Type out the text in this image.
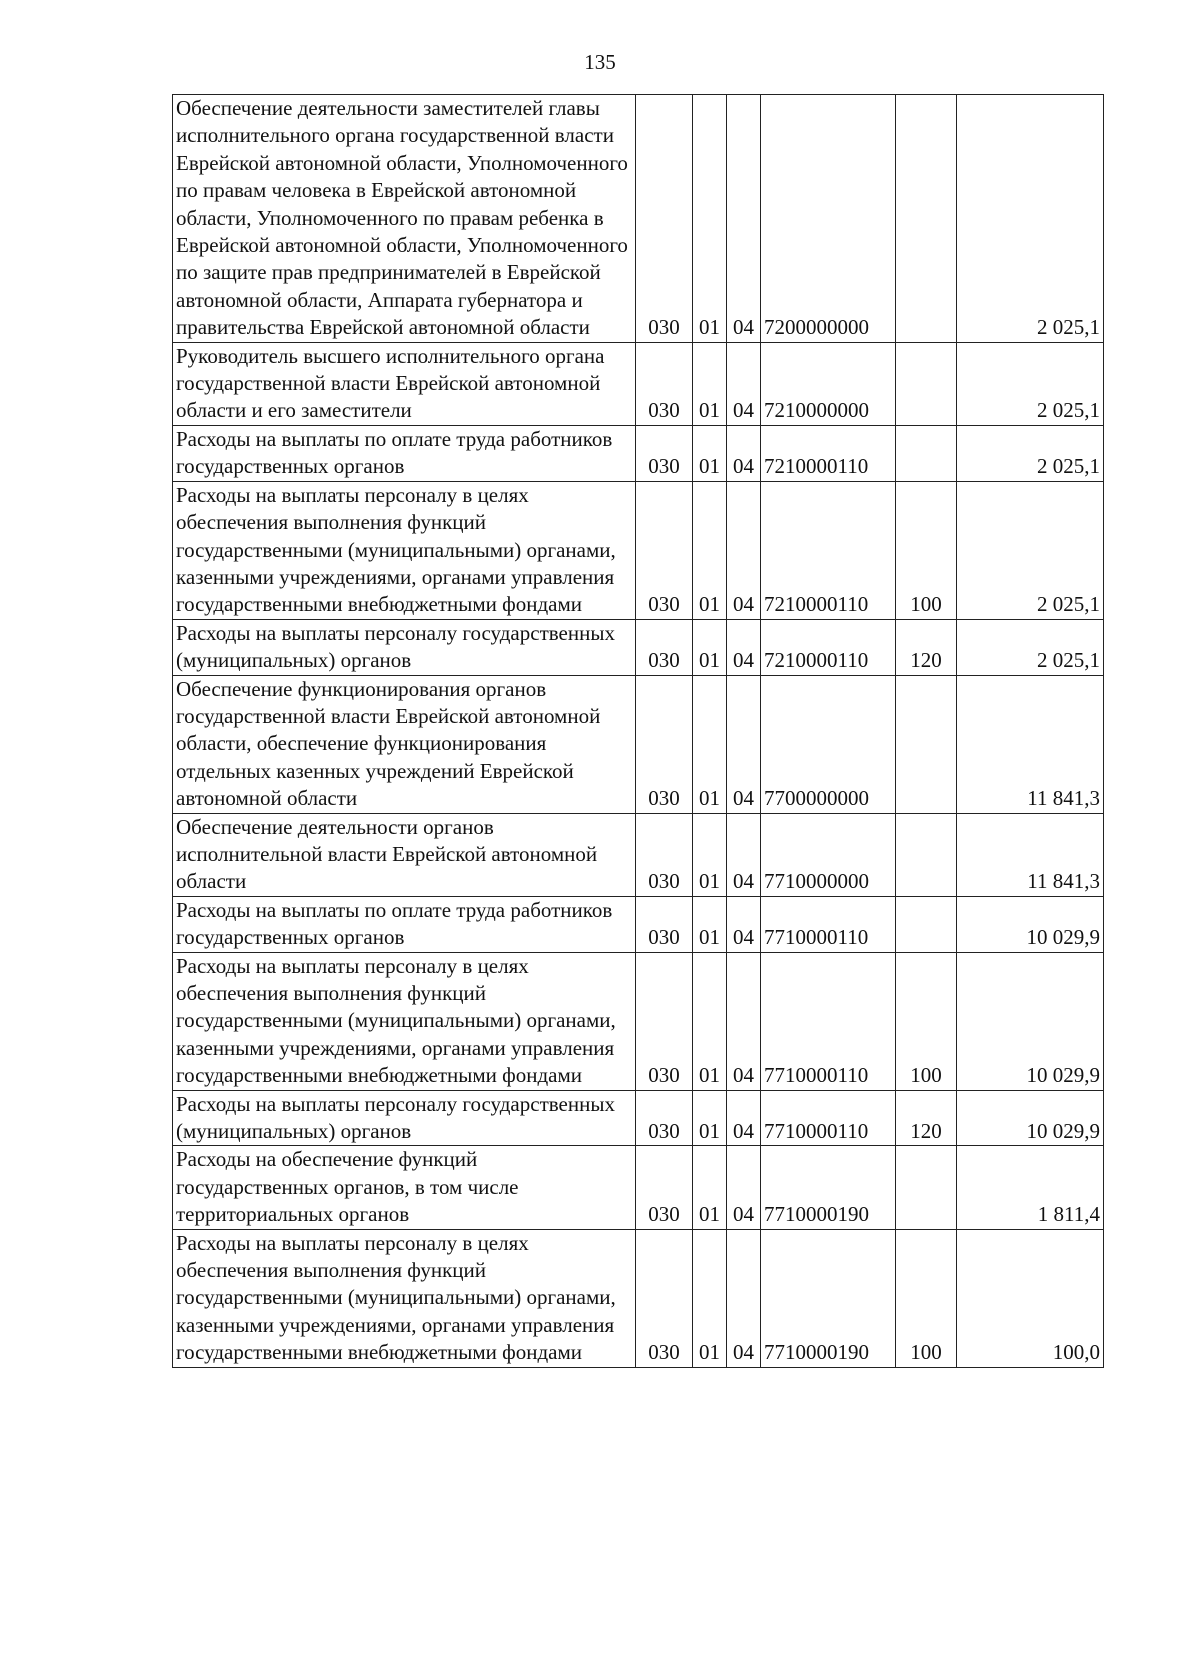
135
Обеспечение деятельности заместителей главы исполнительного органа государственной власти Еврейской автономной области, Уполномоченного по правам человека в Еврейской автономной области, Уполномоченного по правам ребенка в Еврейской автономной области, Уполномоченного по защите прав предпринимателей в Еврейской автономной области, Аппарата губернатора и правительства Еврейской автономной области	030	01	04	7200000000		2 025,1
Руководитель высшего исполнительного органа государственной власти Еврейской автономной области и его заместители	030	01	04	7210000000		2 025,1
Расходы на выплаты по оплате труда работников государственных органов	030	01	04	7210000110		2 025,1
Расходы на выплаты персоналу в целях обеспечения выполнения функций государственными (муниципальными) органами, казенными учреждениями, органами управления государственными внебюджетными фондами	030	01	04	7210000110	100	2 025,1
Расходы на выплаты персоналу государственных (муниципальных) органов	030	01	04	7210000110	120	2 025,1
Обеспечение функционирования органов государственной власти Еврейской автономной области, обеспечение функционирования отдельных казенных учреждений Еврейской автономной области	030	01	04	7700000000		11 841,3
Обеспечение деятельности органов исполнительной власти Еврейской автономной области	030	01	04	7710000000		11 841,3
Расходы на выплаты по оплате труда работников государственных органов	030	01	04	7710000110		10 029,9
Расходы на выплаты персоналу в целях обеспечения выполнения функций государственными (муниципальными) органами, казенными учреждениями, органами управления государственными внебюджетными фондами	030	01	04	7710000110	100	10 029,9
Расходы на выплаты персоналу государственных (муниципальных) органов	030	01	04	7710000110	120	10 029,9
Расходы на обеспечение функций государственных органов, в том числе территориальных органов	030	01	04	7710000190		1 811,4
Расходы на выплаты персоналу в целях обеспечения выполнения функций государственными (муниципальными) органами, казенными учреждениями, органами управления государственными внебюджетными фондами	030	01	04	7710000190	100	100,0
